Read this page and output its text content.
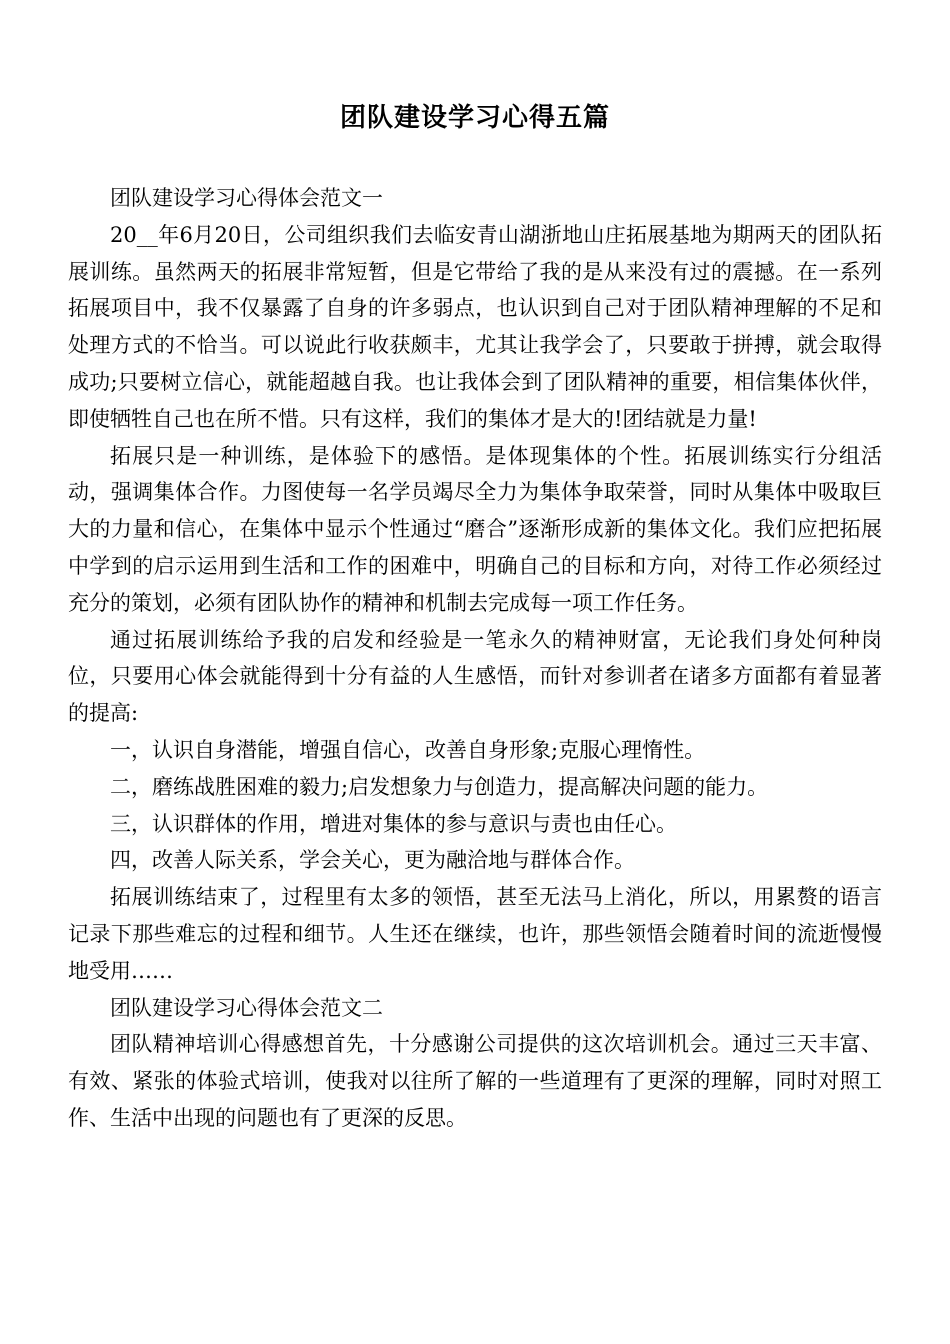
团队建设学习心得五篇

团队建设学习心得体会范文一

20__年6月20日，公司组织我们去临安青山湖浙地山庄拓展基地为期两天的团队拓展训练。虽然两天的拓展非常短暂，但是它带给了我的是从来没有过的震撼。在一系列拓展项目中，我不仅暴露了自身的许多弱点，也认识到自己对于团队精神理解的不足和处理方式的不恰当。可以说此行收获颇丰，尤其让我学会了，只要敢于拼搏，就会取得成功;只要树立信心，就能超越自我。也让我体会到了团队精神的重要，相信集体伙伴，即使牺牲自己也在所不惜。只有这样，我们的集体才是大的!团结就是力量!

拓展只是一种训练，是体验下的感悟。是体现集体的个性。拓展训练实行分组活动，强调集体合作。力图使每一名学员竭尽全力为集体争取荣誉，同时从集体中吸取巨大的力量和信心，在集体中显示个性通过“磨合”逐渐形成新的集体文化。我们应把拓展中学到的启示运用到生活和工作的困难中，明确自己的目标和方向，对待工作必须经过充分的策划，必须有团队协作的精神和机制去完成每一项工作任务。

通过拓展训练给予我的启发和经验是一笔永久的精神财富，无论我们身处何种岗位，只要用心体会就能得到十分有益的人生感悟，而针对参训者在诸多方面都有着显著的提高:

一，认识自身潜能，增强自信心，改善自身形象;克服心理惰性。

二，磨练战胜困难的毅力;启发想象力与创造力，提高解决问题的能力。

三，认识群体的作用，增进对集体的参与意识与责也由任心。

四，改善人际关系，学会关心，更为融洽地与群体合作。

拓展训练结束了，过程里有太多的领悟，甚至无法马上消化，所以，用累赘的语言记录下那些难忘的过程和细节。人生还在继续，也许，那些领悟会随着时间的流逝慢慢地受用……

团队建设学习心得体会范文二

团队精神培训心得感想首先，十分感谢公司提供的这次培训机会。通过三天丰富、有效、紧张的体验式培训，使我对以往所了解的一些道理有了更深的理解，同时对照工作、生活中出现的问题也有了更深的反思。
